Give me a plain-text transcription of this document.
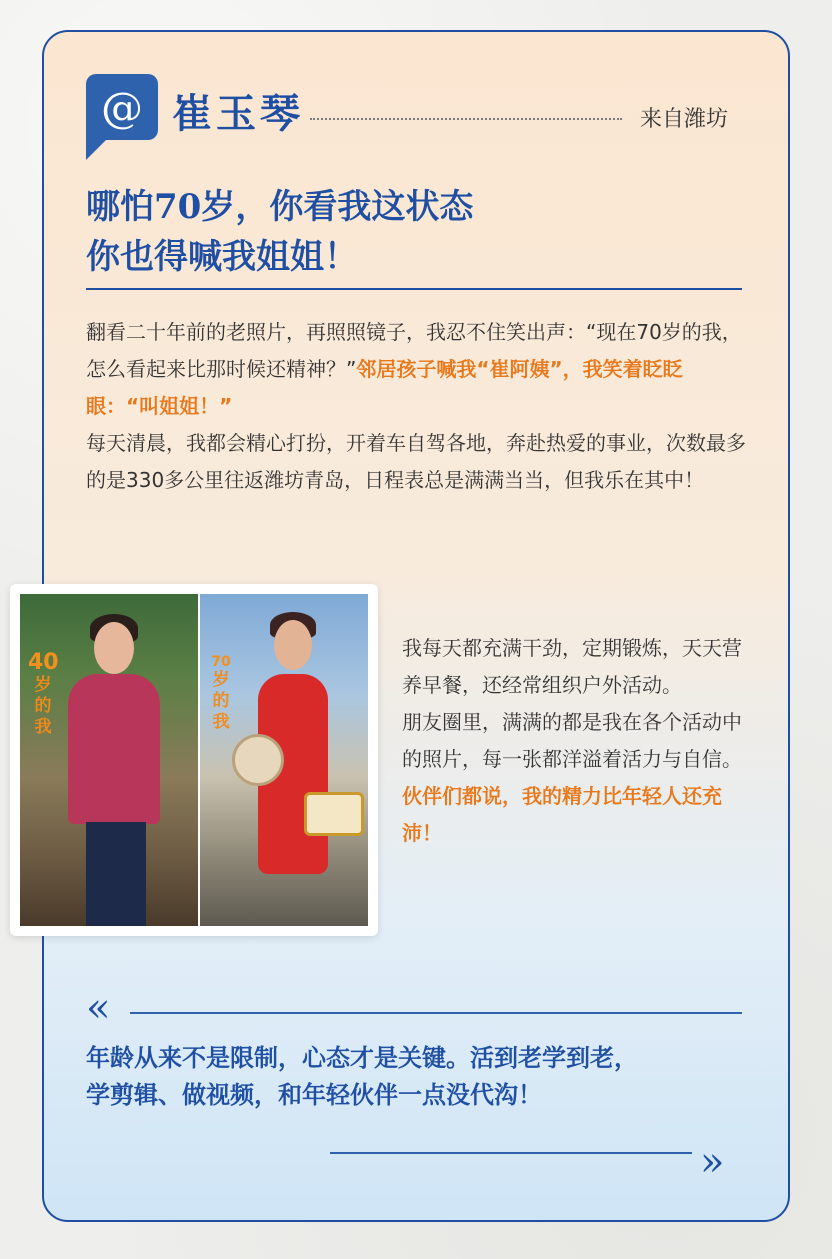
@ 崔玉琴	来自潍坊
哪怕70岁，你看我这状态
你也得喊我姐姐！
翻看二十年前的老照片，再照照镜子，我忍不住笑出声：“现在70岁的我，怎么看起来比那时候还精神？”邻居孩子喊我“崔阿姨”，我笑着眨眨眼：“叫姐姐！”
每天清晨，我都会精心打扮，开着车自驾各地，奔赴热爱的事业，次数最多的是330多公里往返潍坊青岛，日程表总是满满当当，但我乐在其中！
40
岁
的
我
70
岁
的
我
我每天都充满干劲，定期锻炼，天天营养早餐，还经常组织户外活动。
朋友圈里，满满的都是我在各个活动中的照片，每一张都洋溢着活力与自信。伙伴们都说，我的精力比年轻人还充沛！
«
年龄从来不是限制，心态才是关键。活到老学到老，
学剪辑、做视频，和年轻伙伴一点没代沟！
»
